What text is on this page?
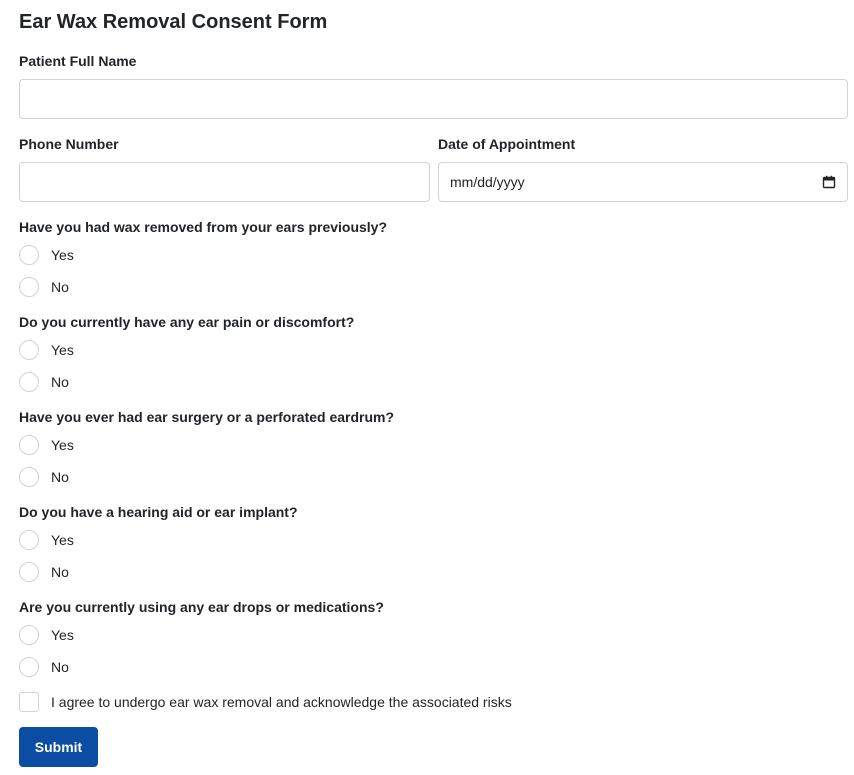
Ear Wax Removal Consent Form
Patient Full Name
Phone Number	Date of Appointment
mm/dd/yyyy
Have you had wax removed from your ears previously?
Yes
No
Do you currently have any ear pain or discomfort?
Yes
No
Have you ever had ear surgery or a perforated eardrum?
Yes
No
Do you have a hearing aid or ear implant?
Yes
No
Are you currently using any ear drops or medications?
Yes
No
I agree to undergo ear wax removal and acknowledge the associated risks
Submit
